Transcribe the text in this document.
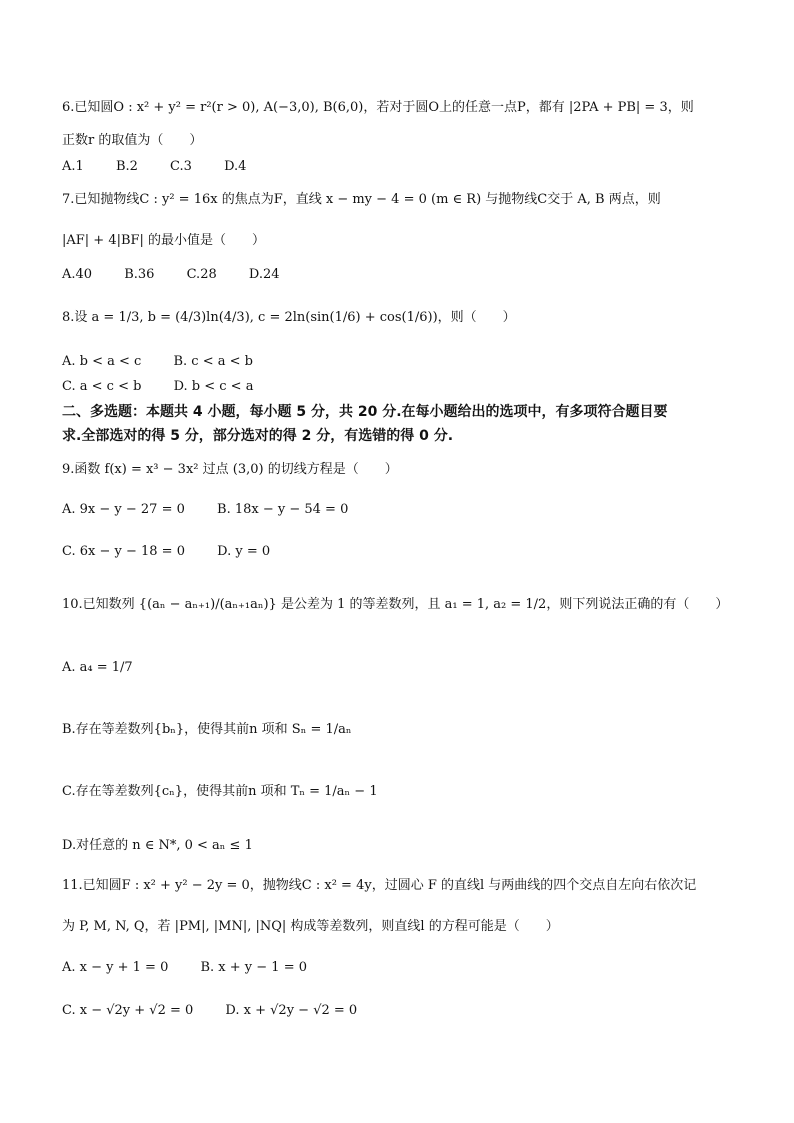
6.已知圆O : x² + y² = r²(r > 0), A(−3,0), B(6,0)，若对于圆O上的任意一点P，都有 |2PA + PB| = 3，则
正数r 的取值为（　　）
A.1 B.2 C.3 D.4
7.已知抛物线C : y² = 16x 的焦点为F，直线 x − my − 4 = 0 (m ∈ R) 与抛物线C交于 A, B 两点，则
|AF| + 4|BF| 的最小值是（　　）
A.40 B.36 C.28 D.24
8.设 a = 1/3, b = (4/3)ln(4/3), c = 2ln(sin(1/6) + cos(1/6))，则（　　）
A. b < a < c B. c < a < b
C. a < c < b D. b < c < a
二、多选题：本题共 4 小题，每小题 5 分，共 20 分.在每小题给出的选项中，有多项符合题目要
求.全部选对的得 5 分，部分选对的得 2 分，有选错的得 0 分.
9.函数 f(x) = x³ − 3x² 过点 (3,0) 的切线方程是（　　）
A. 9x − y − 27 = 0 B. 18x − y − 54 = 0
C. 6x − y − 18 = 0 D. y = 0
10.已知数列 {(aₙ − aₙ₊₁)/(aₙ₊₁aₙ)} 是公差为 1 的等差数列，且 a₁ = 1, a₂ = 1/2，则下列说法正确的有（　　）
A. a₄ = 1/7
B.存在等差数列{bₙ}，使得其前n 项和 Sₙ = 1/aₙ
C.存在等差数列{cₙ}，使得其前n 项和 Tₙ = 1/aₙ − 1
D.对任意的 n ∈ N*, 0 < aₙ ≤ 1
11.已知圆F : x² + y² − 2y = 0，抛物线C : x² = 4y，过圆心 F 的直线l 与两曲线的四个交点自左向右依次记
为 P, M, N, Q，若 |PM|, |MN|, |NQ| 构成等差数列，则直线l 的方程可能是（　　）
A. x − y + 1 = 0 B. x + y − 1 = 0
C. x − √2y + √2 = 0 D. x + √2y − √2 = 0
